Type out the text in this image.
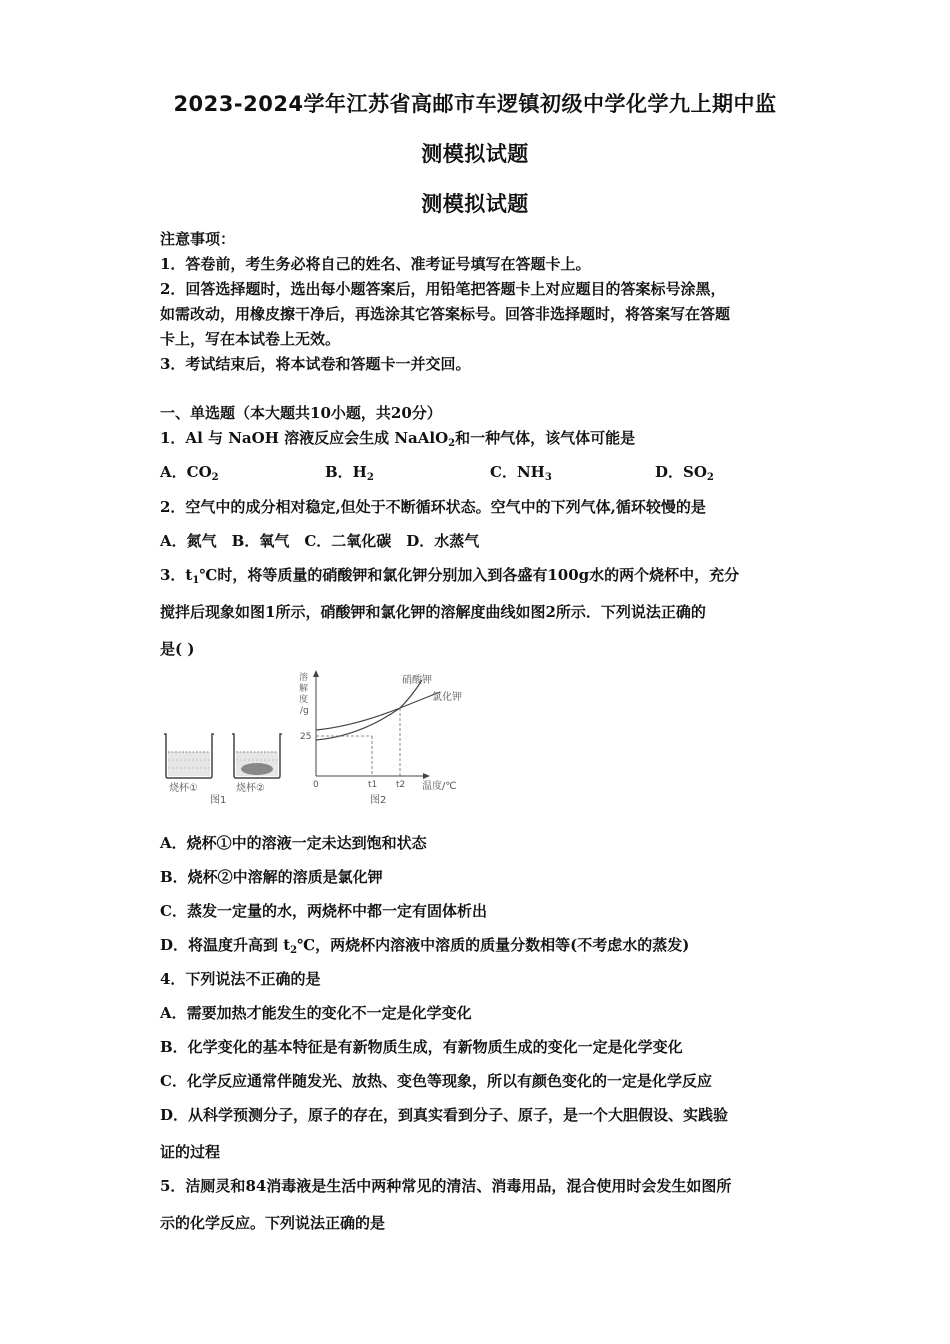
2023-2024学年江苏省高邮市车逻镇初级中学化学九上期中监
测模拟试题
测模拟试题
注意事项：
1．答卷前，考生务必将自己的姓名、准考证号填写在答题卡上。
2．回答选择题时，选出每小题答案后，用铅笔把答题卡上对应题目的答案标号涂黑，
如需改动，用橡皮擦干净后，再选涂其它答案标号。回答非选择题时，将答案写在答题
卡上，写在本试卷上无效。
3．考试结束后，将本试卷和答题卡一并交回。
一、单选题（本大题共10小题，共20分）
1．Al 与 NaOH 溶液反应会生成 NaAlO$_2$和一种气体，该气体可能是
A．$CO_2$	B．$H_2$	C．$NH_3$	D．$SO_2$
2．空气中的成分相对稳定,但处于不断循环状态。空气中的下列气体,循环较慢的是
A．氮气　B．氧气　C．二氧化碳　D．水蒸气
3．$t_1℃$时，将等质量的硝酸钾和氯化钾分别加入到各盛有100g水的两个烧杯中，充分
搅拌后现象如图1所示，硝酸钾和氯化钾的溶解度曲线如图2所示．下列说法正确的
是( )
烧杯①	烧杯②
图1
溶
解
度
/g
25
0	t1 t2 温度/℃
硝酸钾
氯化钾
图2
A．烧杯①中的溶液一定未达到饱和状态
B．烧杯②中溶解的溶质是氯化钾
C．蒸发一定量的水，两烧杯中都一定有固体析出
D．将温度升高到 $t_2℃$，两烧杯内溶液中溶质的质量分数相等(不考虑水的蒸发)
4．下列说法不正确的是
A．需要加热才能发生的变化不一定是化学变化
B．化学变化的基本特征是有新物质生成，有新物质生成的变化一定是化学变化
C．化学反应通常伴随发光、放热、变色等现象，所以有颜色变化的一定是化学反应
D．从科学预测分子，原子的存在，到真实看到分子、原子，是一个大胆假设、实践验
证的过程
5．洁厕灵和84消毒液是生活中两种常见的清洁、消毒用品，混合使用时会发生如图所
示的化学反应。下列说法正确的是
